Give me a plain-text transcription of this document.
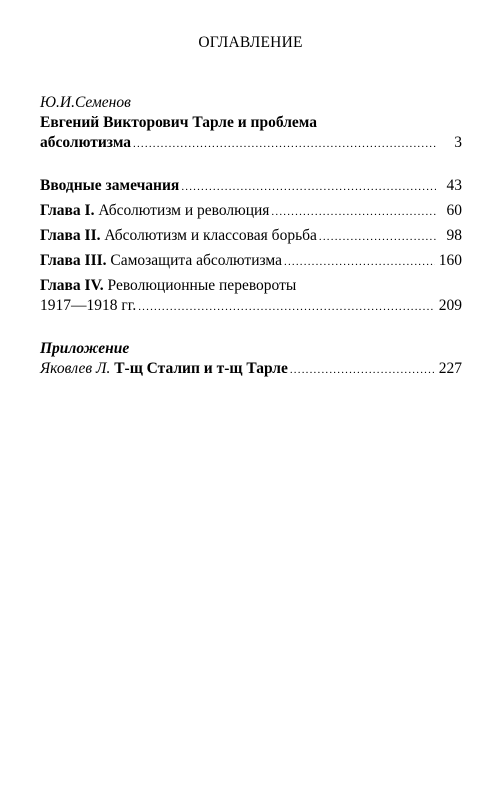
ОГЛАВЛЕНИЕ
Ю.И.Семенов
Евгений Викторович Тарле и проблема
абсолютизма .....	3
Вводные замечания .....	43
Глава I. Абсолютизм и революция .....	60
Глава II. Абсолютизм и классовая борьба .....	98
Глава III. Самозащита абсолютизма .....	160
Глава IV. Революционные перевороты
1917—1918 гг. .....	209
Приложение
Яковлев Л. Т-щ Сталип и т-щ Тарле .....	227
